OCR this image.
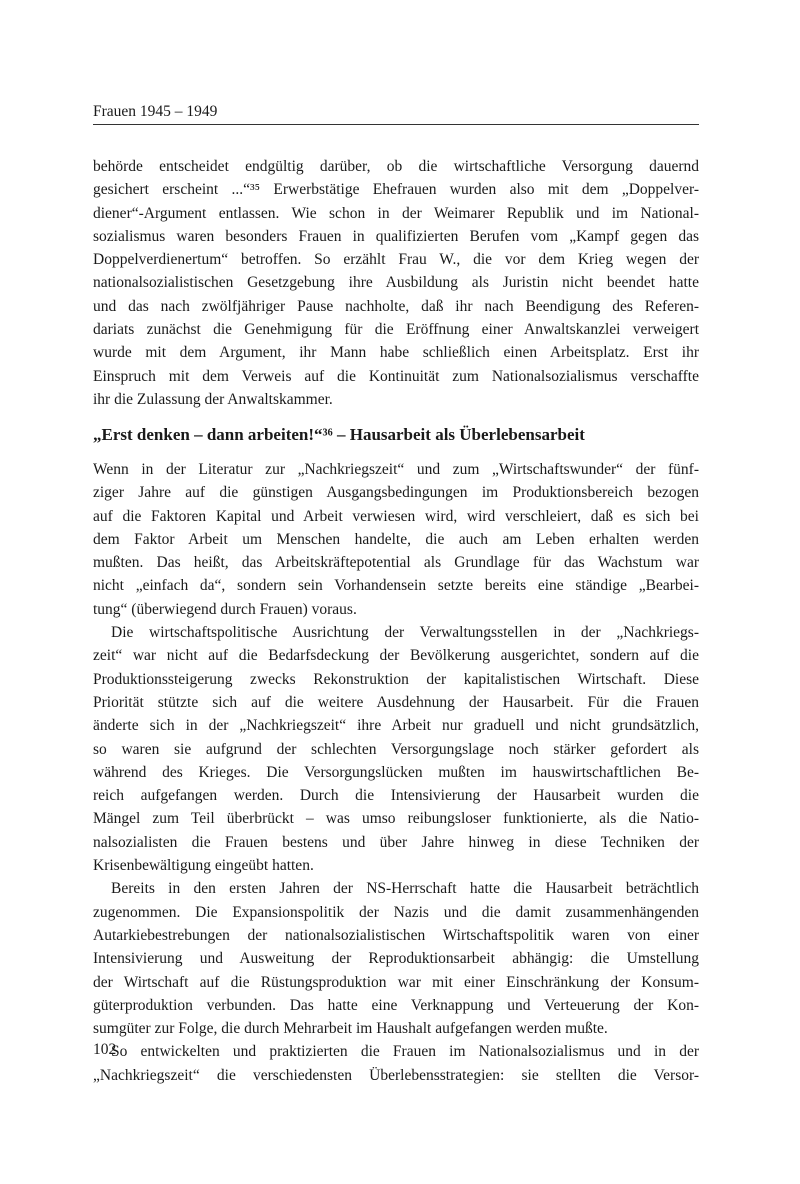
Frauen 1945 – 1949

behörde entscheidet endgültig darüber, ob die wirtschaftliche Versorgung dauernd
gesichert erscheint ...“³⁵ Erwerbstätige Ehefrauen wurden also mit dem „Doppelver-
diener“-Argument entlassen. Wie schon in der Weimarer Republik und im National-
sozialismus waren besonders Frauen in qualifizierten Berufen vom „Kampf gegen das
Doppelverdienertum“ betroffen. So erzählt Frau W., die vor dem Krieg wegen der
nationalsozialistischen Gesetzgebung ihre Ausbildung als Juristin nicht beendet hatte
und das nach zwölfjähriger Pause nachholte, daß ihr nach Beendigung des Referen-
dariats zunächst die Genehmigung für die Eröffnung einer Anwaltskanzlei verweigert
wurde mit dem Argument, ihr Mann habe schließlich einen Arbeitsplatz. Erst ihr
Einspruch mit dem Verweis auf die Kontinuität zum Nationalsozialismus verschaffte
ihr die Zulassung der Anwaltskammer.

„Erst denken – dann arbeiten!“³⁶ – Hausarbeit als Überlebensarbeit

Wenn in der Literatur zur „Nachkriegszeit“ und zum „Wirtschaftswunder“ der fünf-
ziger Jahre auf die günstigen Ausgangsbedingungen im Produktionsbereich bezogen
auf die Faktoren Kapital und Arbeit verwiesen wird, wird verschleiert, daß es sich bei
dem Faktor Arbeit um Menschen handelte, die auch am Leben erhalten werden
mußten. Das heißt, das Arbeitskräftepotential als Grundlage für das Wachstum war
nicht „einfach da“, sondern sein Vorhandensein setzte bereits eine ständige „Bearbei-
tung“ (überwiegend durch Frauen) voraus.

Die wirtschaftspolitische Ausrichtung der Verwaltungsstellen in der „Nachkriegs-
zeit“ war nicht auf die Bedarfsdeckung der Bevölkerung ausgerichtet, sondern auf die
Produktionssteigerung zwecks Rekonstruktion der kapitalistischen Wirtschaft. Diese
Priorität stützte sich auf die weitere Ausdehnung der Hausarbeit. Für die Frauen
änderte sich in der „Nachkriegszeit“ ihre Arbeit nur graduell und nicht grundsätzlich,
so waren sie aufgrund der schlechten Versorgungslage noch stärker gefordert als
während des Krieges. Die Versorgungslücken mußten im hauswirtschaftlichen Be-
reich aufgefangen werden. Durch die Intensivierung der Hausarbeit wurden die
Mängel zum Teil überbrückt – was umso reibungsloser funktionierte, als die Natio-
nalsozialisten die Frauen bestens und über Jahre hinweg in diese Techniken der
Krisenbewältigung eingeübt hatten.

Bereits in den ersten Jahren der NS-Herrschaft hatte die Hausarbeit beträchtlich
zugenommen. Die Expansionspolitik der Nazis und die damit zusammenhängenden
Autarkiebestrebungen der nationalsozialistischen Wirtschaftspolitik waren von einer
Intensivierung und Ausweitung der Reproduktionsarbeit abhängig: die Umstellung
der Wirtschaft auf die Rüstungsproduktion war mit einer Einschränkung der Konsum-
güterproduktion verbunden. Das hatte eine Verknappung und Verteuerung der Kon-
sumgüter zur Folge, die durch Mehrarbeit im Haushalt aufgefangen werden mußte.

So entwickelten und praktizierten die Frauen im Nationalsozialismus und in der
„Nachkriegszeit“ die verschiedensten Überlebensstrategien: sie stellten die Versor-

102
